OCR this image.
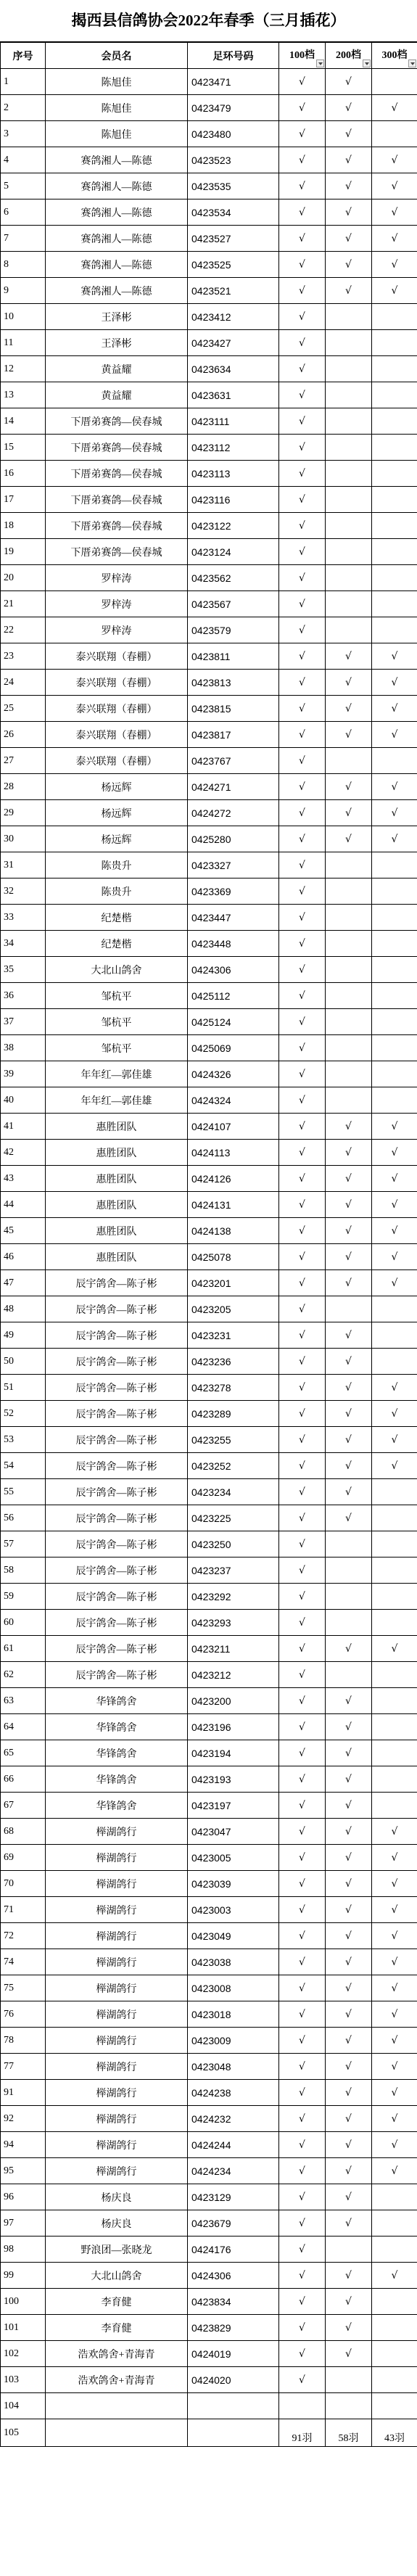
揭西县信鸽协会2022年春季（三月插花）
序号	会员名	足环号码	100档	200档	300档

1	陈旭佳	0423471	√	√	
2	陈旭佳	0423479	√	√	√
3	陈旭佳	0423480	√	√	
4	赛鸽湘人—陈德	0423523	√	√	√
5	赛鸽湘人—陈德	0423535	√	√	√
6	赛鸽湘人—陈德	0423534	√	√	√
7	赛鸽湘人—陈德	0423527	√	√	√
8	赛鸽湘人—陈德	0423525	√	√	√
9	赛鸽湘人—陈德	0423521	√	√	√
10	王泽彬	0423412	√		
11	王泽彬	0423427	√		
12	黄益耀	0423634	√		
13	黄益耀	0423631	√		
14	下厝弟赛鸽—侯春城	0423111	√		
15	下厝弟赛鸽—侯春城	0423112	√		
16	下厝弟赛鸽—侯春城	0423113	√		
17	下厝弟赛鸽—侯春城	0423116	√		
18	下厝弟赛鸽—侯春城	0423122	√		
19	下厝弟赛鸽—侯春城	0423124	√		
20	罗梓涛	0423562	√		
21	罗梓涛	0423567	√		
22	罗梓涛	0423579	√		
23	泰兴联翔（春棚）	0423811	√	√	√
24	泰兴联翔（春棚）	0423813	√	√	√
25	泰兴联翔（春棚）	0423815	√	√	√
26	泰兴联翔（春棚）	0423817	√	√	√
27	泰兴联翔（春棚）	0423767	√		
28	杨远辉	0424271	√	√	√
29	杨远辉	0424272	√	√	√
30	杨远辉	0425280	√	√	√
31	陈贵升	0423327	√		
32	陈贵升	0423369	√		
33	纪楚楷	0423447	√		
34	纪楚楷	0423448	√		
35	大北山鸽舍	0424306	√		
36	邹杭平	0425112	√		
37	邹杭平	0425124	√		
38	邹杭平	0425069	√		
39	年年红—郭佳雄	0424326	√		
40	年年红—郭佳雄	0424324	√		
41	惠胜团队	0424107	√	√	√
42	惠胜团队	0424113	√	√	√
43	惠胜团队	0424126	√	√	√
44	惠胜团队	0424131	√	√	√
45	惠胜团队	0424138	√	√	√
46	惠胜团队	0425078	√	√	√
47	辰宇鸽舍—陈子彬	0423201	√	√	√
48	辰宇鸽舍—陈子彬	0423205	√		
49	辰宇鸽舍—陈子彬	0423231	√	√	
50	辰宇鸽舍—陈子彬	0423236	√	√	
51	辰宇鸽舍—陈子彬	0423278	√	√	√
52	辰宇鸽舍—陈子彬	0423289	√	√	√
53	辰宇鸽舍—陈子彬	0423255	√	√	√
54	辰宇鸽舍—陈子彬	0423252	√	√	√
55	辰宇鸽舍—陈子彬	0423234	√	√	
56	辰宇鸽舍—陈子彬	0423225	√	√	
57	辰宇鸽舍—陈子彬	0423250	√		
58	辰宇鸽舍—陈子彬	0423237	√		
59	辰宇鸽舍—陈子彬	0423292	√		
60	辰宇鸽舍—陈子彬	0423293	√		
61	辰宇鸽舍—陈子彬	0423211	√	√	√
62	辰宇鸽舍—陈子彬	0423212	√		
63	华锋鸽舍	0423200	√	√	
64	华锋鸽舍	0423196	√	√	
65	华锋鸽舍	0423194	√	√	
66	华锋鸽舍	0423193	√	√	
67	华锋鸽舍	0423197	√	√	
68	榉湖鸽行	0423047	√	√	√
69	榉湖鸽行	0423005	√	√	√
70	榉湖鸽行	0423039	√	√	√
71	榉湖鸽行	0423003	√	√	√
72	榉湖鸽行	0423049	√	√	√
74	榉湖鸽行	0423038	√	√	√
75	榉湖鸽行	0423008	√	√	√
76	榉湖鸽行	0423018	√	√	√
78	榉湖鸽行	0423009	√	√	√
77	榉湖鸽行	0423048	√	√	√
91	榉湖鸽行	0424238	√	√	√
92	榉湖鸽行	0424232	√	√	√
94	榉湖鸽行	0424244	√	√	√
95	榉湖鸽行	0424234	√	√	√
96	杨庆良	0423129	√	√	
97	杨庆良	0423679	√	√	
98	野浪团—张晓龙	0424176	√		
99	大北山鸽舍	0424306	√	√	√
100	李育健	0423834	√	√	
101	李育健	0423829	√	√	
102	浩欢鸽舍+青海青	0424019	√	√	
103	浩欢鸽舍+青海青	0424020	√		
104					
105			91羽	58羽	43羽
